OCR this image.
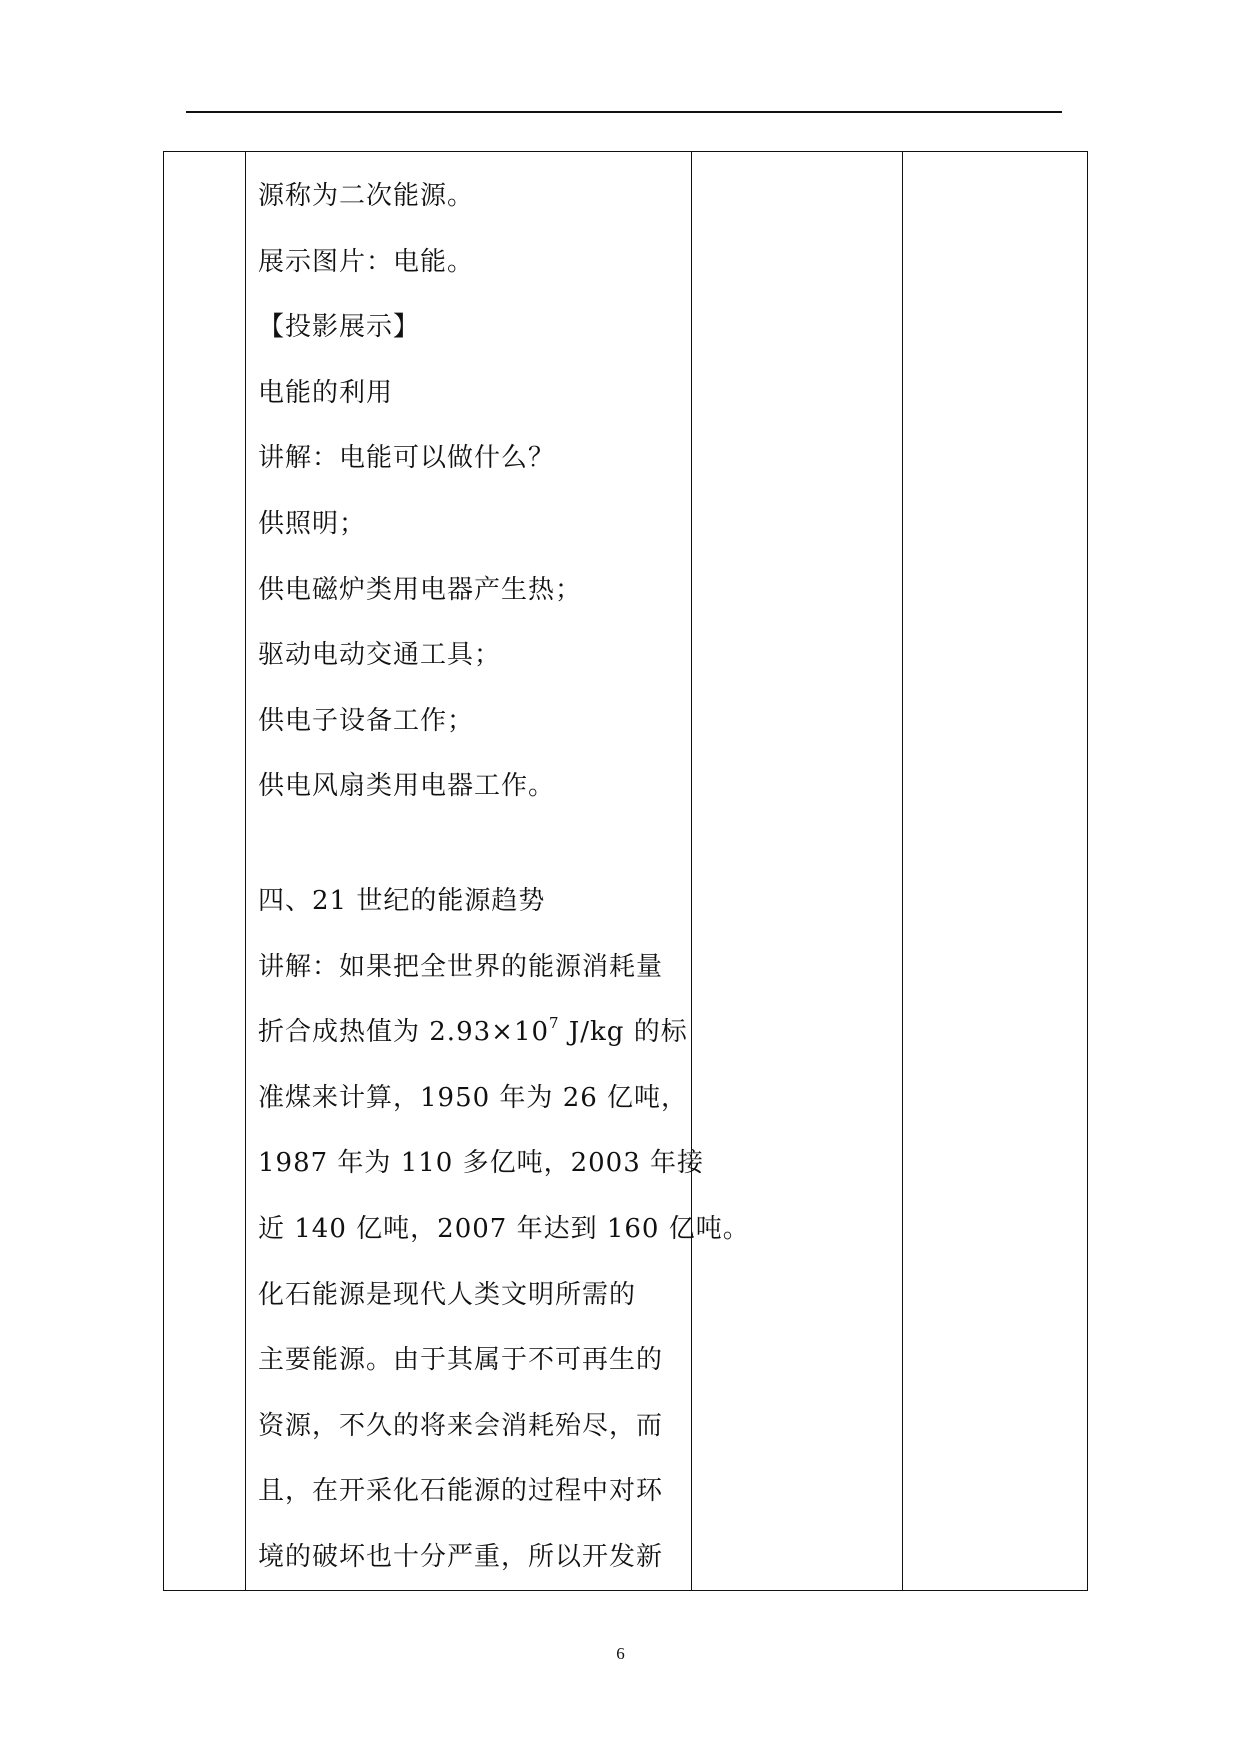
源称为二次能源。
展示图片：电能。
【投影展示】
电能的利用
讲解：电能可以做什么？
供照明；
供电磁炉类用电器产生热；
驱动电动交通工具；
供电子设备工作；
供电风扇类用电器工作。
四、21 世纪的能源趋势
讲解：如果把全世界的能源消耗量
折合成热值为 $2.93\times 10^7$ J/kg 的标
准煤来计算，1950 年为 26 亿吨，
1987 年为 110 多亿吨，2003 年接
近 140 亿吨，2007 年达到 160 亿吨。
化石能源是现代人类文明所需的
主要能源。由于其属于不可再生的
资源，不久的将来会消耗殆尽，而
且，在开采化石能源的过程中对环
境的破坏也十分严重，所以开发新

6
